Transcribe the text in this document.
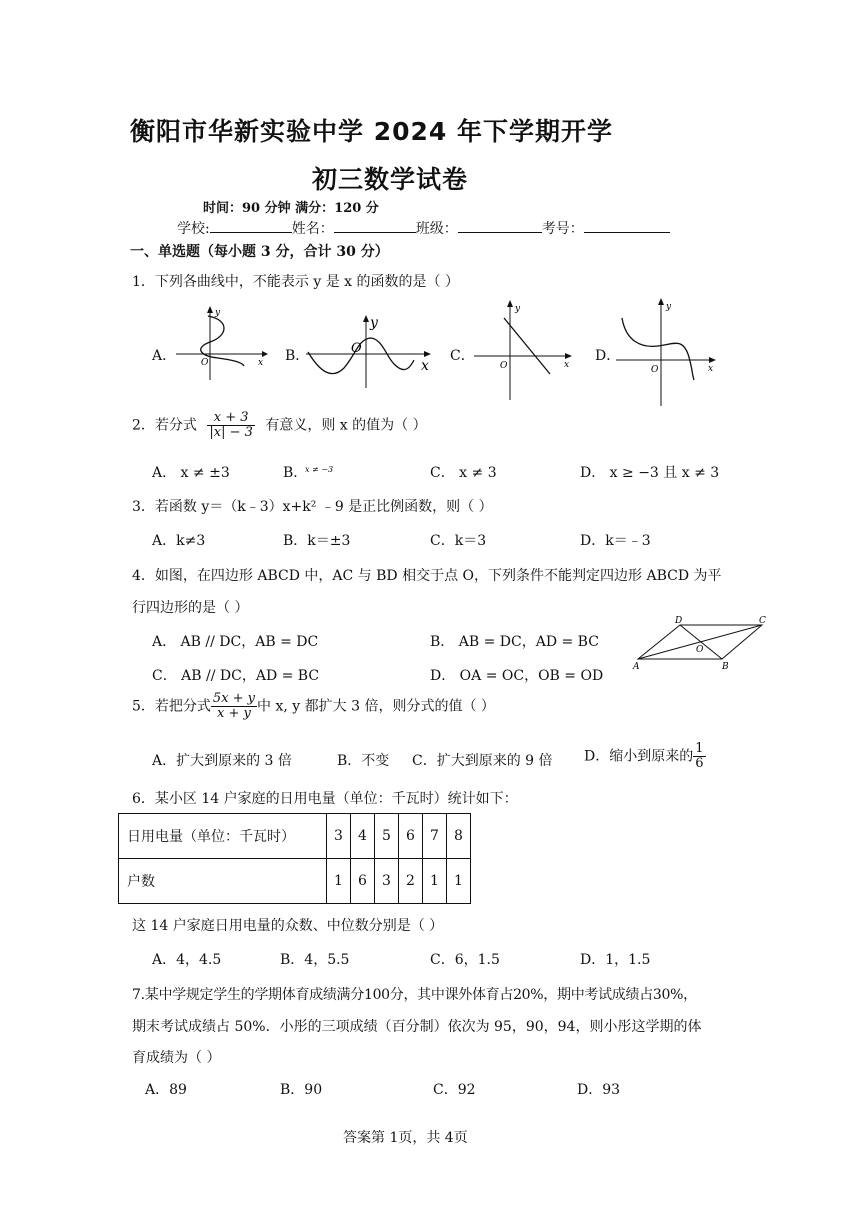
衡阳市华新实验中学 2024 年下学期开学
初三数学试卷
时间：90 分钟 满分：120 分
学校:	姓名：	班级：	考号：
一、单选题（每小题 3 分，合计 30 分）
1．下列各曲线中，不能表示 y 是 x 的函数的是（ ）
A．
y
x
O	B．
y
x
O	C．
y
x
O
D．
y
x
O
2．若分式 $\frac{x + 3}{|x| - 3}$ 有意义，则 x 的值为（ ）
A． x ≠ ±3	B．
x ≠ −3	C． x ≠ 3	D． x ≥ −3 且 x ≠ 3
3．若函数 y＝（k﹣3）x+k² ﹣9 是正比例函数，则（ ）
A．k≠3	B．k＝±3	C．k＝3	D．k＝﹣3
4．如图，在四边形 ABCD 中，AC 与 BD 相交于点 O，下列条件不能判定四边形 ABCD 为平
行四边形的是（ ）
A． AB // DC，AB = DC	B． AB = DC，AD = BC
C． AB // DC，AD = BC	D． OA = OC，OB = OD
A	B
C
D
O
5．若把分式 $\frac{5x + y}{x + y}$ 中 x, y 都扩大 3 倍，则分式的值（ ）
A．扩大到原来的 3 倍	B．不变 C．扩大到原来的 9 倍 D．缩小到原来的 $\frac{1}{6}$
6．某小区 14 户家庭的日用电量（单位：千瓦时）统计如下：
日用电量（单位：千瓦时）	3	4	5	6	7	8
户数	1	6	3	2	1	1
这 14 户家庭日用电量的众数、中位数分别是（ ）
A．4，4.5	B．4，5.5	C．6，1.5	D．1，1.5
7.某中学规定学生的学期体育成绩满分100分，其中课外体育占20%，期中考试成绩占30%，
期末考试成绩占 50%．小彤的三项成绩（百分制）依次为 95，90，94，则小彤这学期的体
育成绩为（ ）
A．89	B．90	C．92	D．93
答案第 1页，共 4页
